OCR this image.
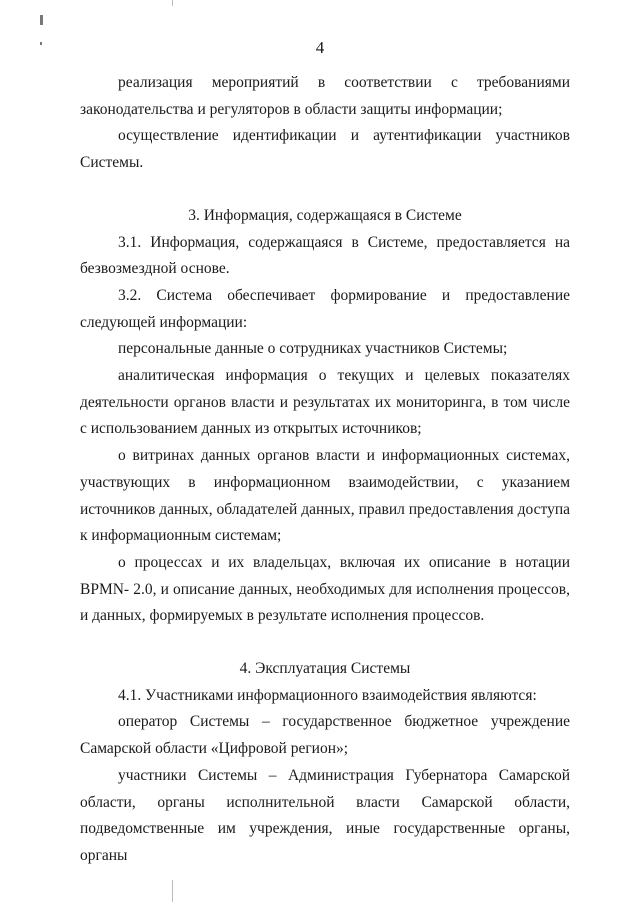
4

реализация мероприятий в соответствии с требованиями законодательства и регуляторов в области защиты информации;

осуществление идентификации и аутентификации участников Системы.

3. Информация, содержащаяся в Системе

3.1. Информация, содержащаяся в Системе, предоставляется на безвозмездной основе.

3.2. Система обеспечивает формирование и предоставление следующей информации:

персональные данные о сотрудниках участников Системы;

аналитическая информация о текущих и целевых показателях деятельности органов власти и результатах их мониторинга, в том числе с использованием данных из открытых источников;

о витринах данных органов власти и информационных системах, участвующих в информационном взаимодействии, с указанием источников данных, обладателей данных, правил предоставления доступа к информационным системам;

о процессах и их владельцах, включая их описание в нотации BPMN- 2.0, и описание данных, необходимых для исполнения процессов, и данных, формируемых в результате исполнения процессов.

4. Эксплуатация Системы

4.1. Участниками информационного взаимодействия являются:

оператор Системы – государственное бюджетное учреждение Самарской области «Цифровой регион»;

участники Системы – Администрация Губернатора Самарской области, органы исполнительной власти Самарской области, подведомственные им учреждения, иные государственные органы, органы
